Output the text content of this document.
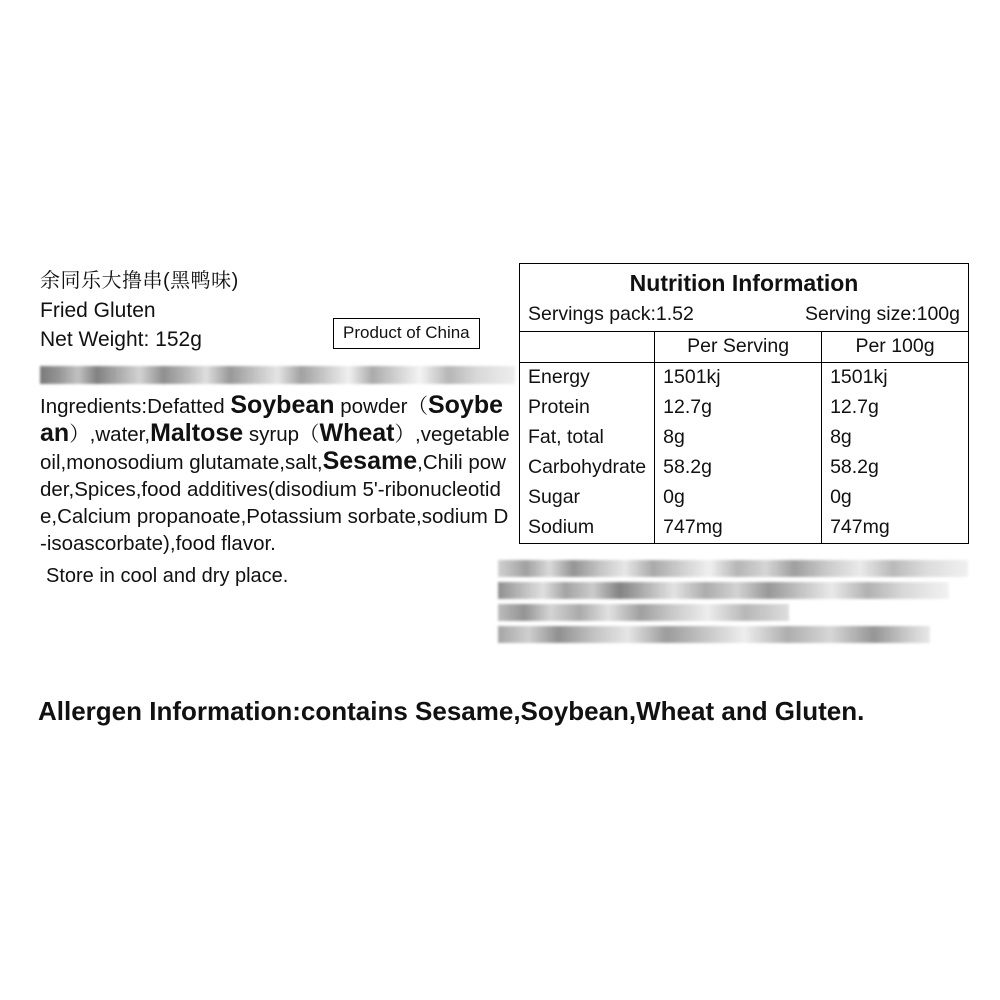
余同乐大撸串(黑鸭味)
Fried Gluten
Net Weight: 152g
Ingredients:Defatted Soybean powder（Soybean）,water,Maltose syrup（Wheat）,vegetable oil,monosodium glutamate,salt,Sesame,Chili powder,Spices,food additives(disodium 5'-ribonucleotide,Calcium propanoate,Potassium sorbate,sodium D-isoascorbate),food flavor.
Store in cool and dry place.
Product of China
Allergen Information:contains Sesame,Soybean,Wheat and Gluten.
Nutrition Information
Servings pack:1.52	Serving size:100g
	Per Serving	Per 100g
Energy	1501kj	1501kj
Protein	12.7g	12.7g
Fat, total	8g	8g
Carbohydrate	58.2g	58.2g
Sugar	0g	0g
Sodium	747mg	747mg
